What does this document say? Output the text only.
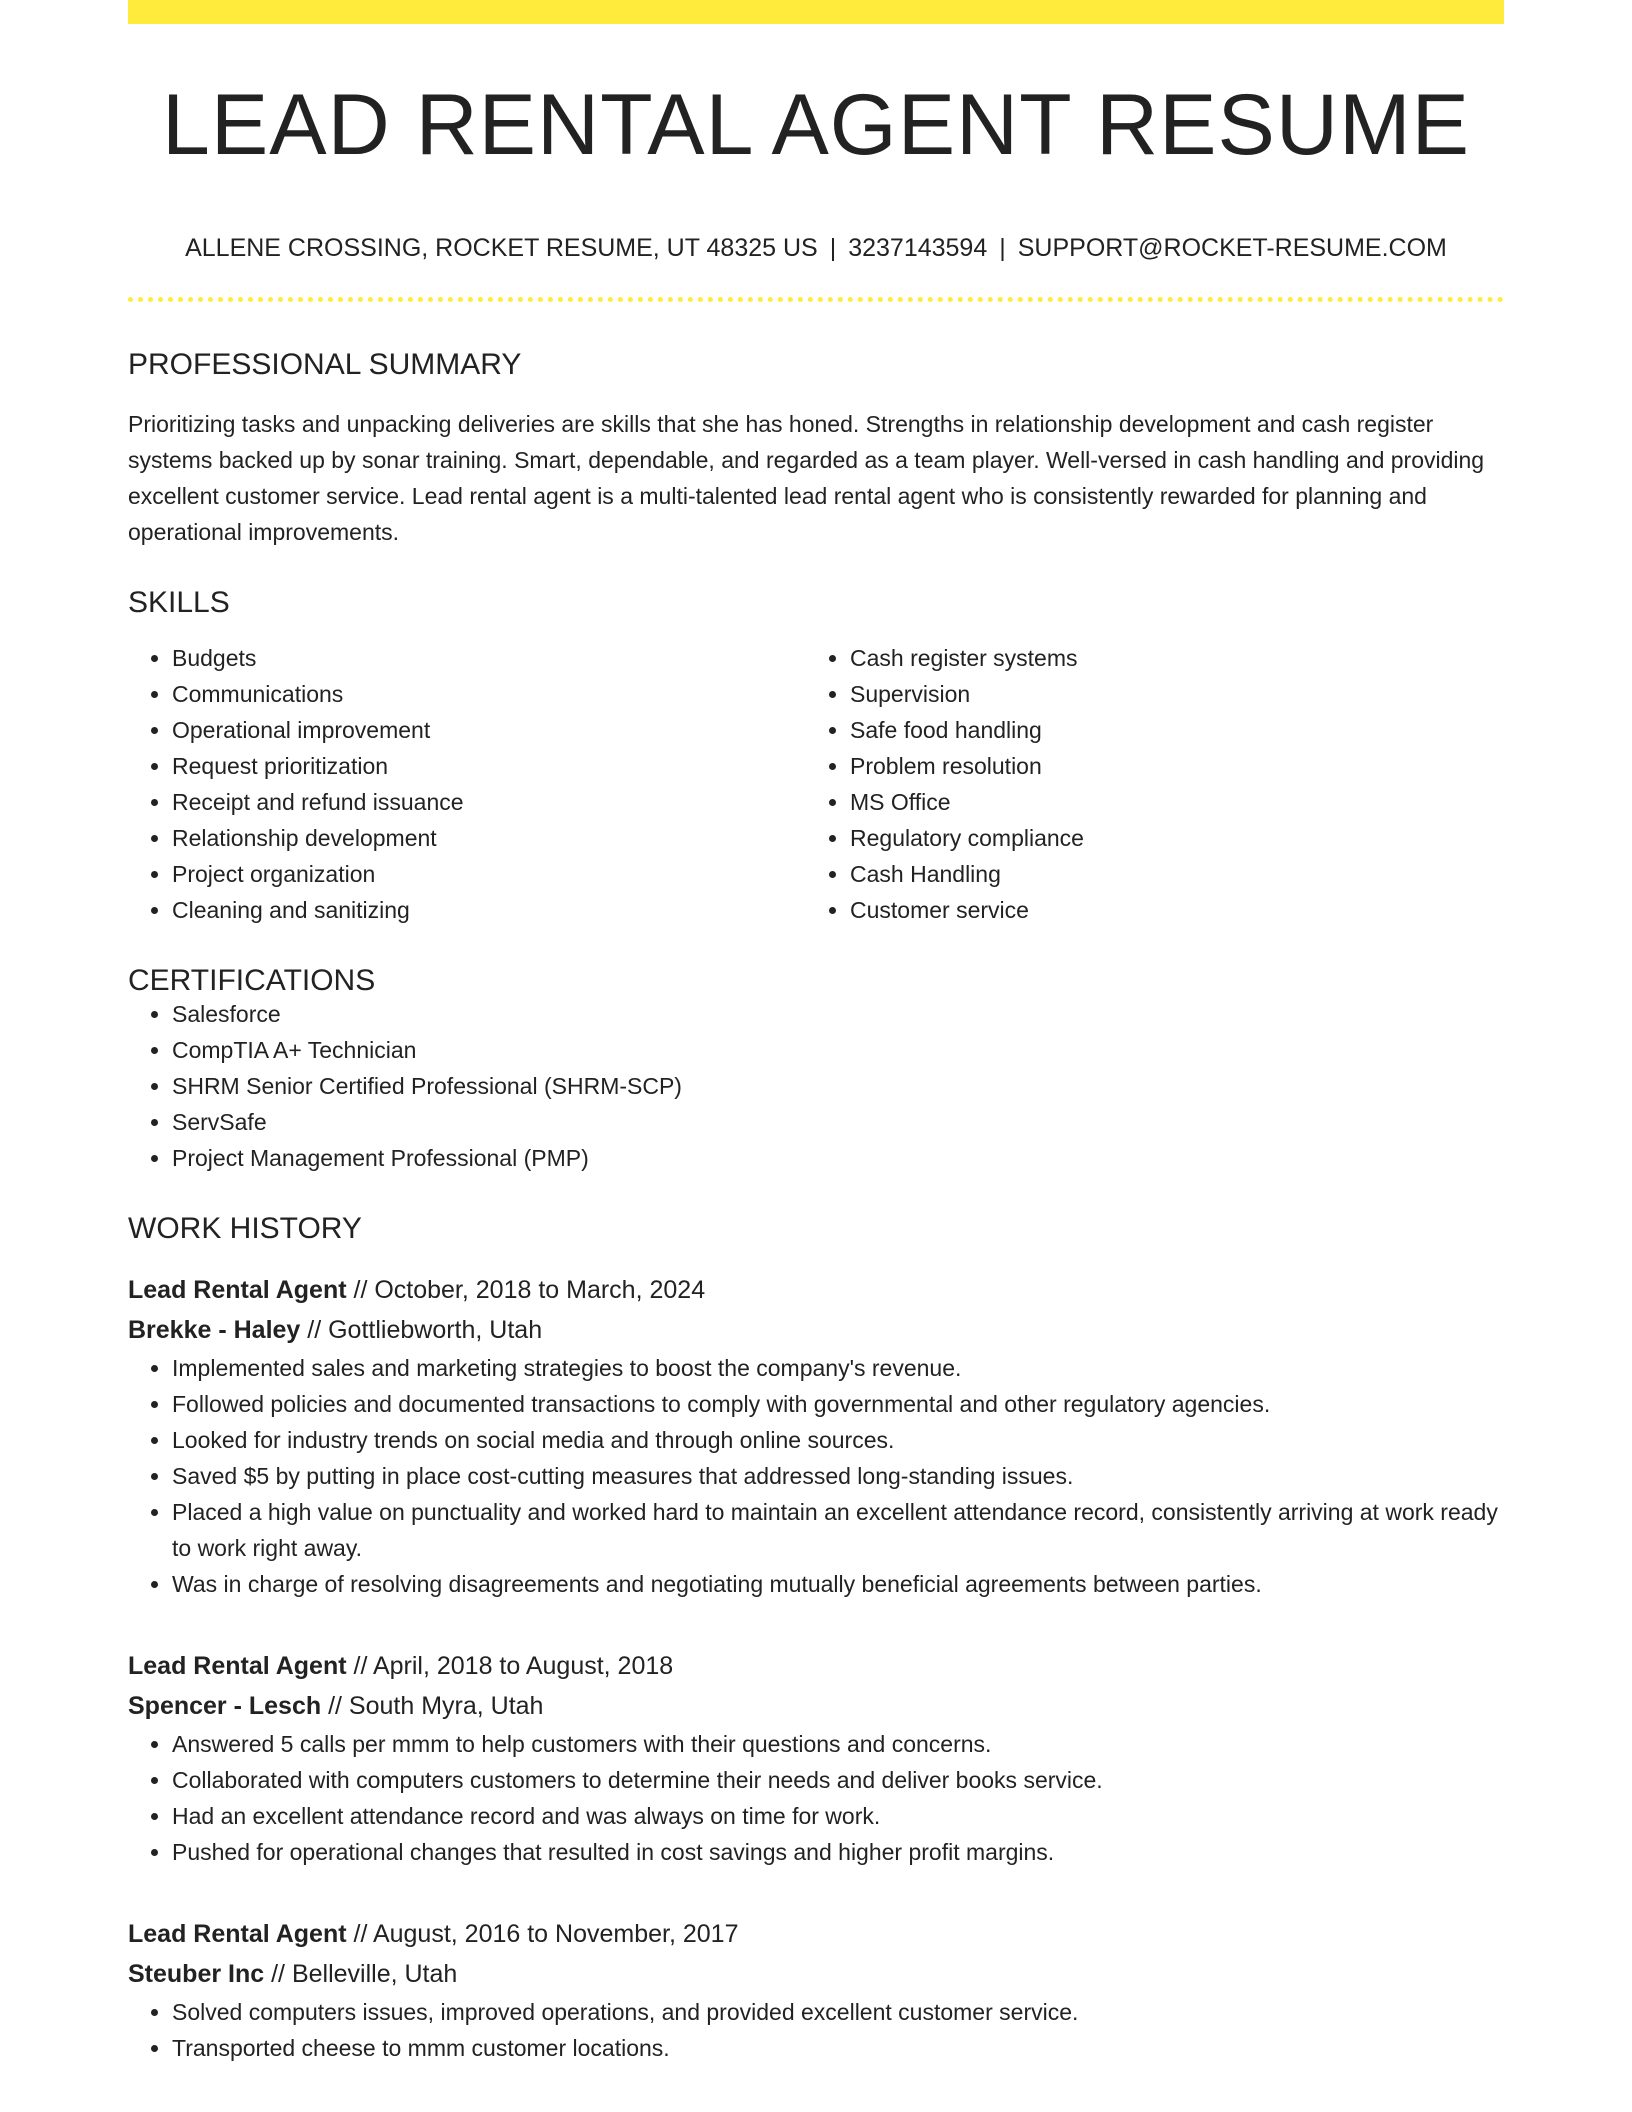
LEAD RENTAL AGENT RESUME
ALLENE CROSSING, ROCKET RESUME, UT 48325 US | 3237143594 | SUPPORT@ROCKET-RESUME.COM
PROFESSIONAL SUMMARY

Prioritizing tasks and unpacking deliveries are skills that she has honed. Strengths in relationship development and cash register systems backed up by sonar training. Smart, dependable, and regarded as a team player. Well-versed in cash handling and providing excellent customer service. Lead rental agent is a multi-talented lead rental agent who is consistently rewarded for planning and operational improvements.

SKILLS
• Budgets
• Communications
• Operational improvement
• Request prioritization
• Receipt and refund issuance
• Relationship development
• Project organization
• Cleaning and sanitizing
• Cash register systems
• Supervision
• Safe food handling
• Problem resolution
• MS Office
• Regulatory compliance
• Cash Handling
• Customer service
CERTIFICATIONS
• Salesforce
• CompTIA A+ Technician
• SHRM Senior Certified Professional (SHRM-SCP)
• ServSafe
• Project Management Professional (PMP)
WORK HISTORY
Lead Rental Agent // October, 2018 to March, 2024
Brekke - Haley // Gottliebworth, Utah
• Implemented sales and marketing strategies to boost the company's revenue.
• Followed policies and documented transactions to comply with governmental and other regulatory agencies.
• Looked for industry trends on social media and through online sources.
• Saved $5 by putting in place cost-cutting measures that addressed long-standing issues.
• Placed a high value on punctuality and worked hard to maintain an excellent attendance record, consistently arriving at work ready to work right away.
• Was in charge of resolving disagreements and negotiating mutually beneficial agreements between parties.
Lead Rental Agent // April, 2018 to August, 2018
Spencer - Lesch // South Myra, Utah
• Answered 5 calls per mmm to help customers with their questions and concerns.
• Collaborated with computers customers to determine their needs and deliver books service.
• Had an excellent attendance record and was always on time for work.
• Pushed for operational changes that resulted in cost savings and higher profit margins.
Lead Rental Agent // August, 2016 to November, 2017
Steuber Inc // Belleville, Utah
• Solved computers issues, improved operations, and provided excellent customer service.
• Transported cheese to mmm customer locations.
